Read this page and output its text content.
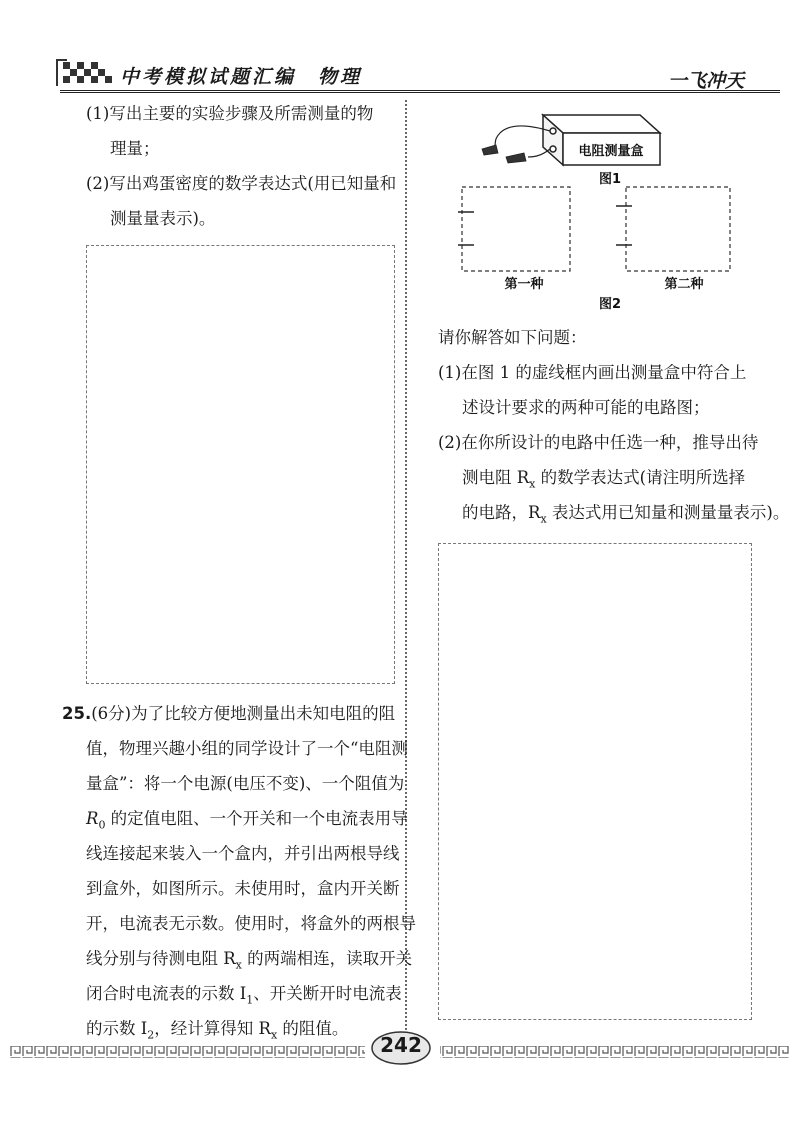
中考模拟试题汇编　物理	一飞冲天
(1)写出主要的实验步骤及所需测量的物
理量；
(2)写出鸡蛋密度的数学表达式(用已知量和
测量量表示)。
25.(6分)为了比较方便地测量出未知电阻的阻
值，物理兴趣小组的同学设计了一个“电阻测
量盒”：将一个电源(电压不变)、一个阻值为
$R_0$ 的定值电阻、一个开关和一个电流表用导
线连接起来装入一个盒内，并引出两根导线
到盒外，如图所示。未使用时，盒内开关断
开，电流表无示数。使用时，将盒外的两根导
线分别与待测电阻 $R_x$ 的两端相连，读取开关
闭合时电流表的示数 $I_1$、开关断开时电流表
的示数 $I_2$，经计算得知 $R_x$ 的阻值。
电阻测量盒
图1
第一种	第二种
图2
请你解答如下问题：
(1)在图 1 的虚线框内画出测量盒中符合上
述设计要求的两种可能的电路图；
(2)在你所设计的电路中任选一种，推导出待
测电阻 $R_x$ 的数学表达式(请注明所选择
的电路，$R_x$ 表达式用已知量和测量量表示)。
242
